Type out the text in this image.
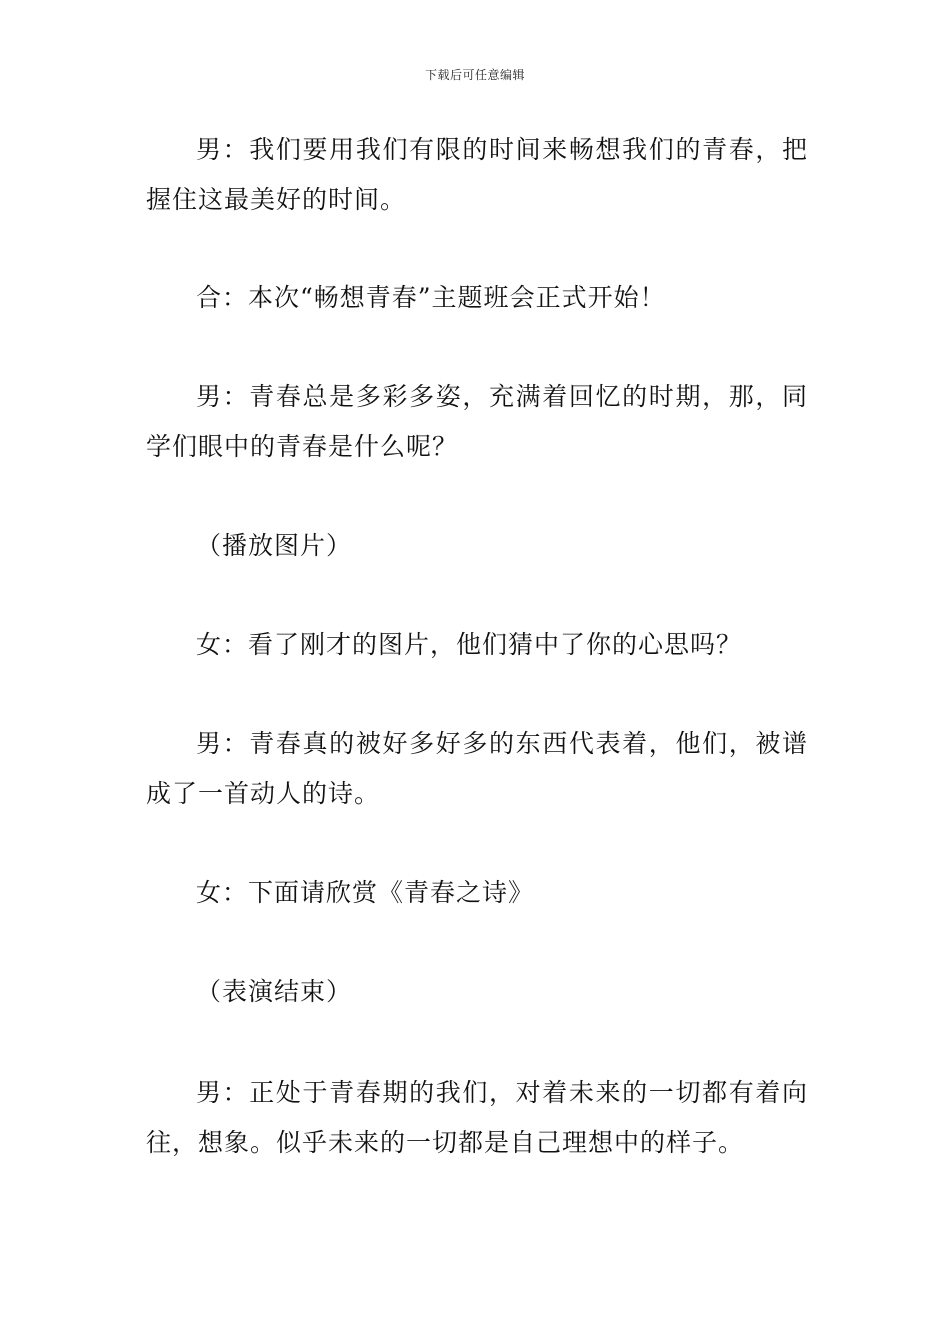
下载后可任意编辑

男：我们要用我们有限的时间来畅想我们的青春，把握住这最美好的时间。

合：本次“畅想青春”主题班会正式开始！

男：青春总是多彩多姿，充满着回忆的时期，那，同学们眼中的青春是什么呢？

（播放图片）

女：看了刚才的图片，他们猜中了你的心思吗？

男：青春真的被好多好多的东西代表着，他们，被谱成了一首动人的诗。

女：下面请欣赏《青春之诗》

（表演结束）

男：正处于青春期的我们，对着未来的一切都有着向往，想象。似乎未来的一切都是自己理想中的样子。
